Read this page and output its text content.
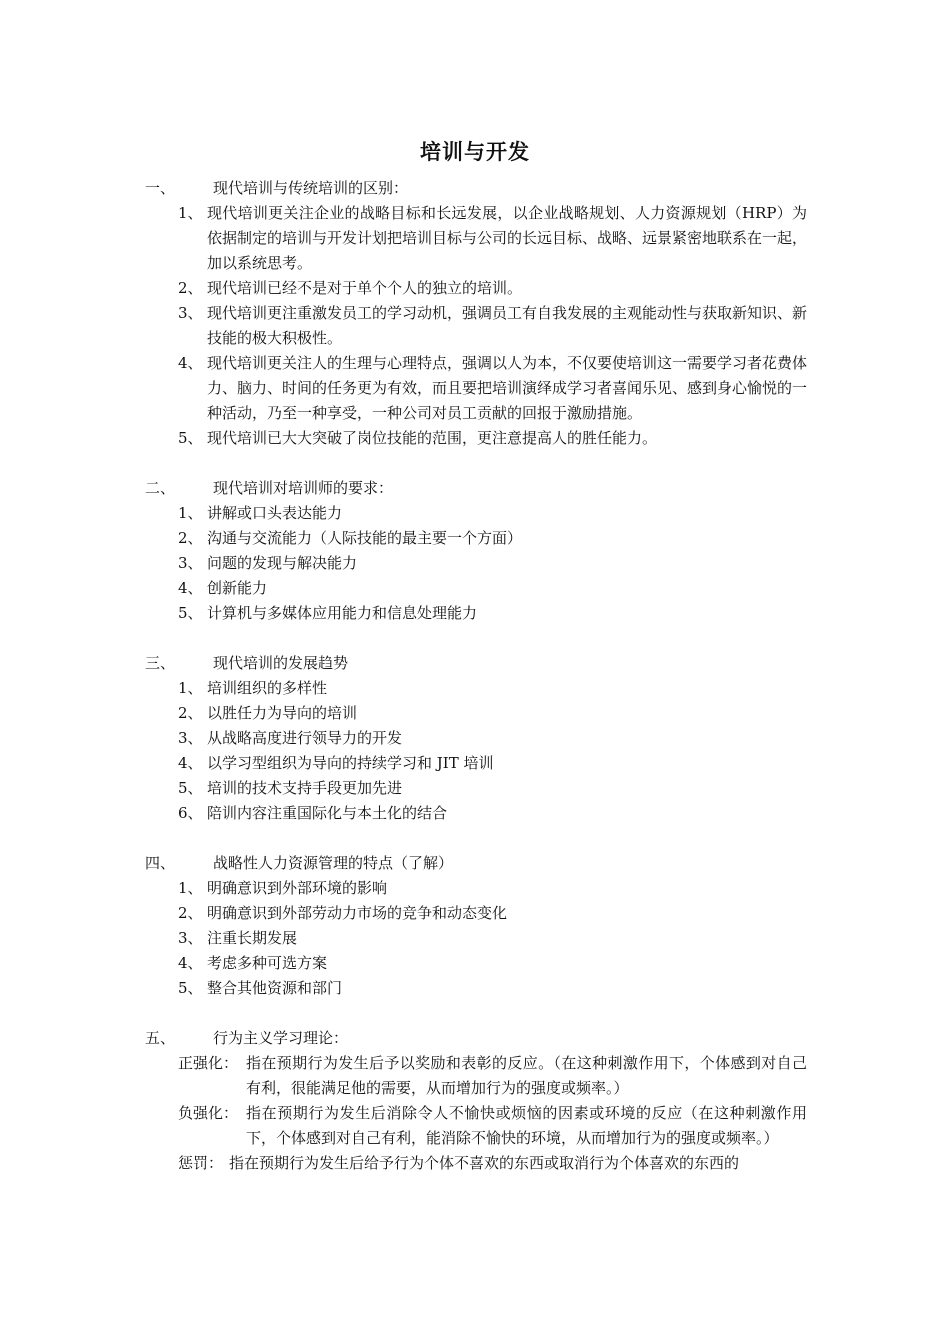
培训与开发
一、	现代培训与传统培训的区别：
1、 现代培训更关注企业的战略目标和长远发展，以企业战略规划、人力资源规划（HRP）为依据制定的培训与开发计划把培训目标与公司的长远目标、战略、远景紧密地联系在一起，加以系统思考。
2、 现代培训已经不是对于单个个人的独立的培训。
3、 现代培训更注重激发员工的学习动机，强调员工有自我发展的主观能动性与获取新知识、新技能的极大积极性。
4、 现代培训更关注人的生理与心理特点，强调以人为本，不仅要使培训这一需要学习者花费体力、脑力、时间的任务更为有效，而且要把培训演绎成学习者喜闻乐见、感到身心愉悦的一种活动，乃至一种享受，一种公司对员工贡献的回报于激励措施。
5、 现代培训已大大突破了岗位技能的范围，更注意提高人的胜任能力。
二、	现代培训对培训师的要求：
1、 讲解或口头表达能力
2、 沟通与交流能力（人际技能的最主要一个方面）
3、 问题的发现与解决能力
4、 创新能力
5、 计算机与多媒体应用能力和信息处理能力
三、	现代培训的发展趋势
1、 培训组织的多样性
2、 以胜任力为导向的培训
3、 从战略高度进行领导力的开发
4、 以学习型组织为导向的持续学习和 JIT 培训
5、 培训的技术支持手段更加先进
6、 陪训内容注重国际化与本土化的结合
四、	战略性人力资源管理的特点（了解）
1、 明确意识到外部环境的影响
2、 明确意识到外部劳动力市场的竞争和动态变化
3、 注重长期发展
4、 考虑多种可选方案
5、 整合其他资源和部门
五、	行为主义学习理论：
正强化： 指在预期行为发生后予以奖励和表彰的反应。（在这种刺激作用下，个体感到对自己有利，很能满足他的需要，从而增加行为的强度或频率。）
负强化： 指在预期行为发生后消除令人不愉快或烦恼的因素或环境的反应（在这种刺激作用下，个体感到对自己有利，能消除不愉快的环境，从而增加行为的强度或频率。）
惩罚： 指在预期行为发生后给予行为个体不喜欢的东西或取消行为个体喜欢的东西的
